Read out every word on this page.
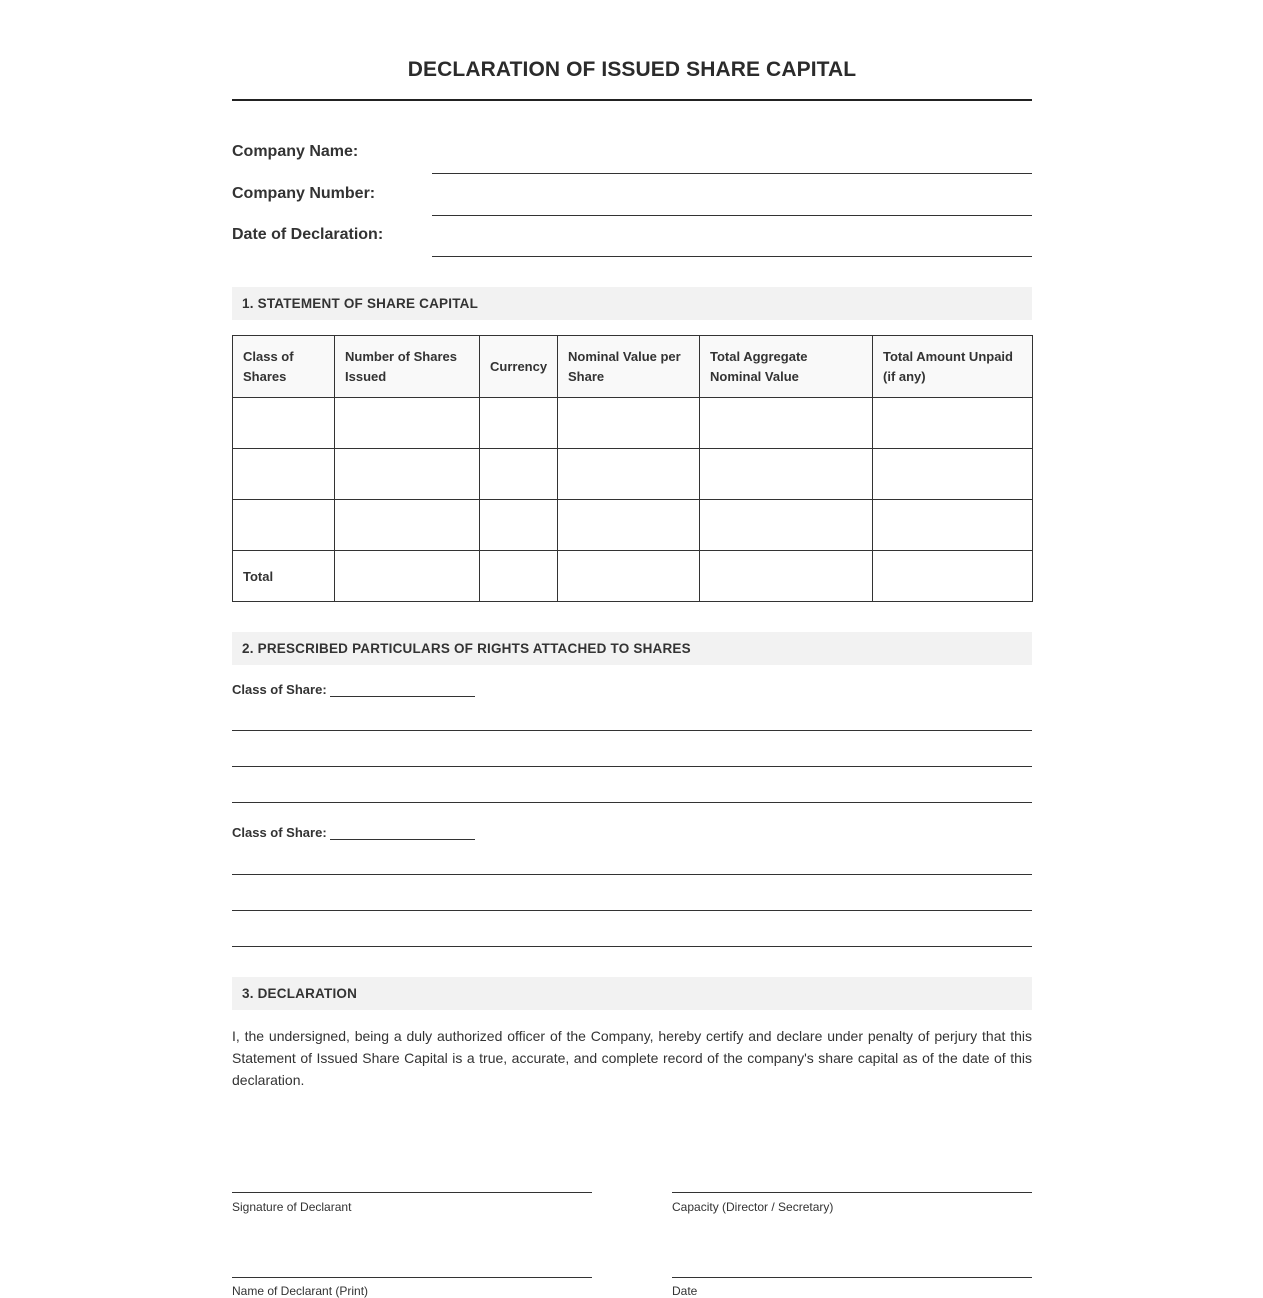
DECLARATION OF ISSUED SHARE CAPITAL
Company Name:
Company Number:
Date of Declaration:
1. STATEMENT OF SHARE CAPITAL
Class of Shares	Number of Shares Issued	Currency	Nominal Value per Share	Total Aggregate Nominal Value	Total Amount Unpaid (if any)

Total					
2. PRESCRIBED PARTICULARS OF RIGHTS ATTACHED TO SHARES
Class of Share:
Class of Share:
3. DECLARATION
I, the undersigned, being a duly authorized officer of the Company, hereby certify and declare under penalty of perjury that this Statement of Issued Share Capital is a true, accurate, and complete record of the company's share capital as of the date of this declaration.
Signature of Declarant	Capacity (Director / Secretary)
Name of Declarant (Print)	Date
